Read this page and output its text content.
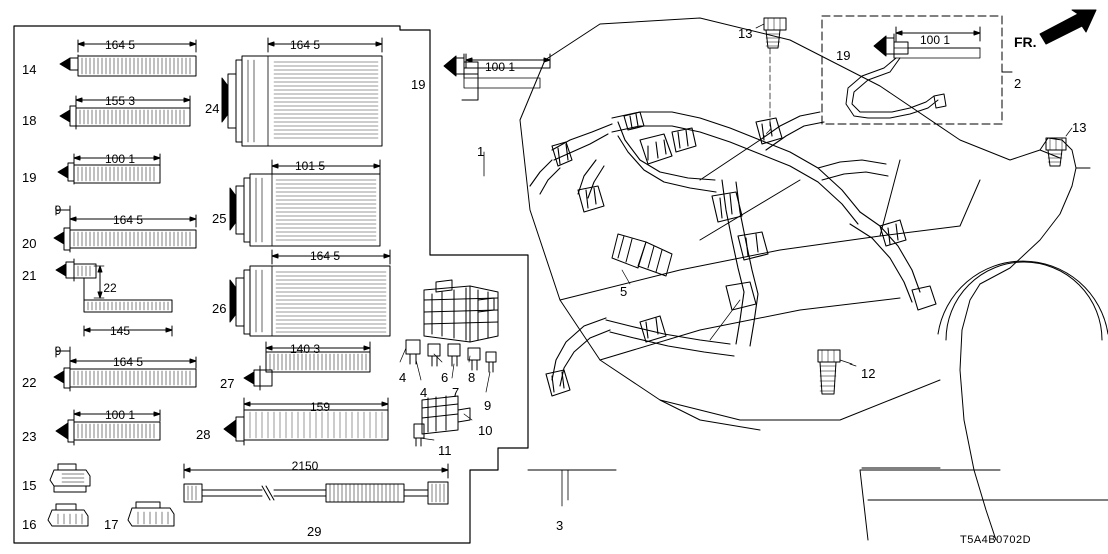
14
18
19
20
21
22
23
15
16	17
24
25
26
27
28
29
19
1
3
5
4
4
6
7
8
9
10
11
12
13
13
19
2
164 5
155 3
100 1
9
164 5
22
145
9
164 5
100 1
164 5
101 5
164 5
140 3
159
2150
100 1
100 1
T5A4B0702D
FR.
